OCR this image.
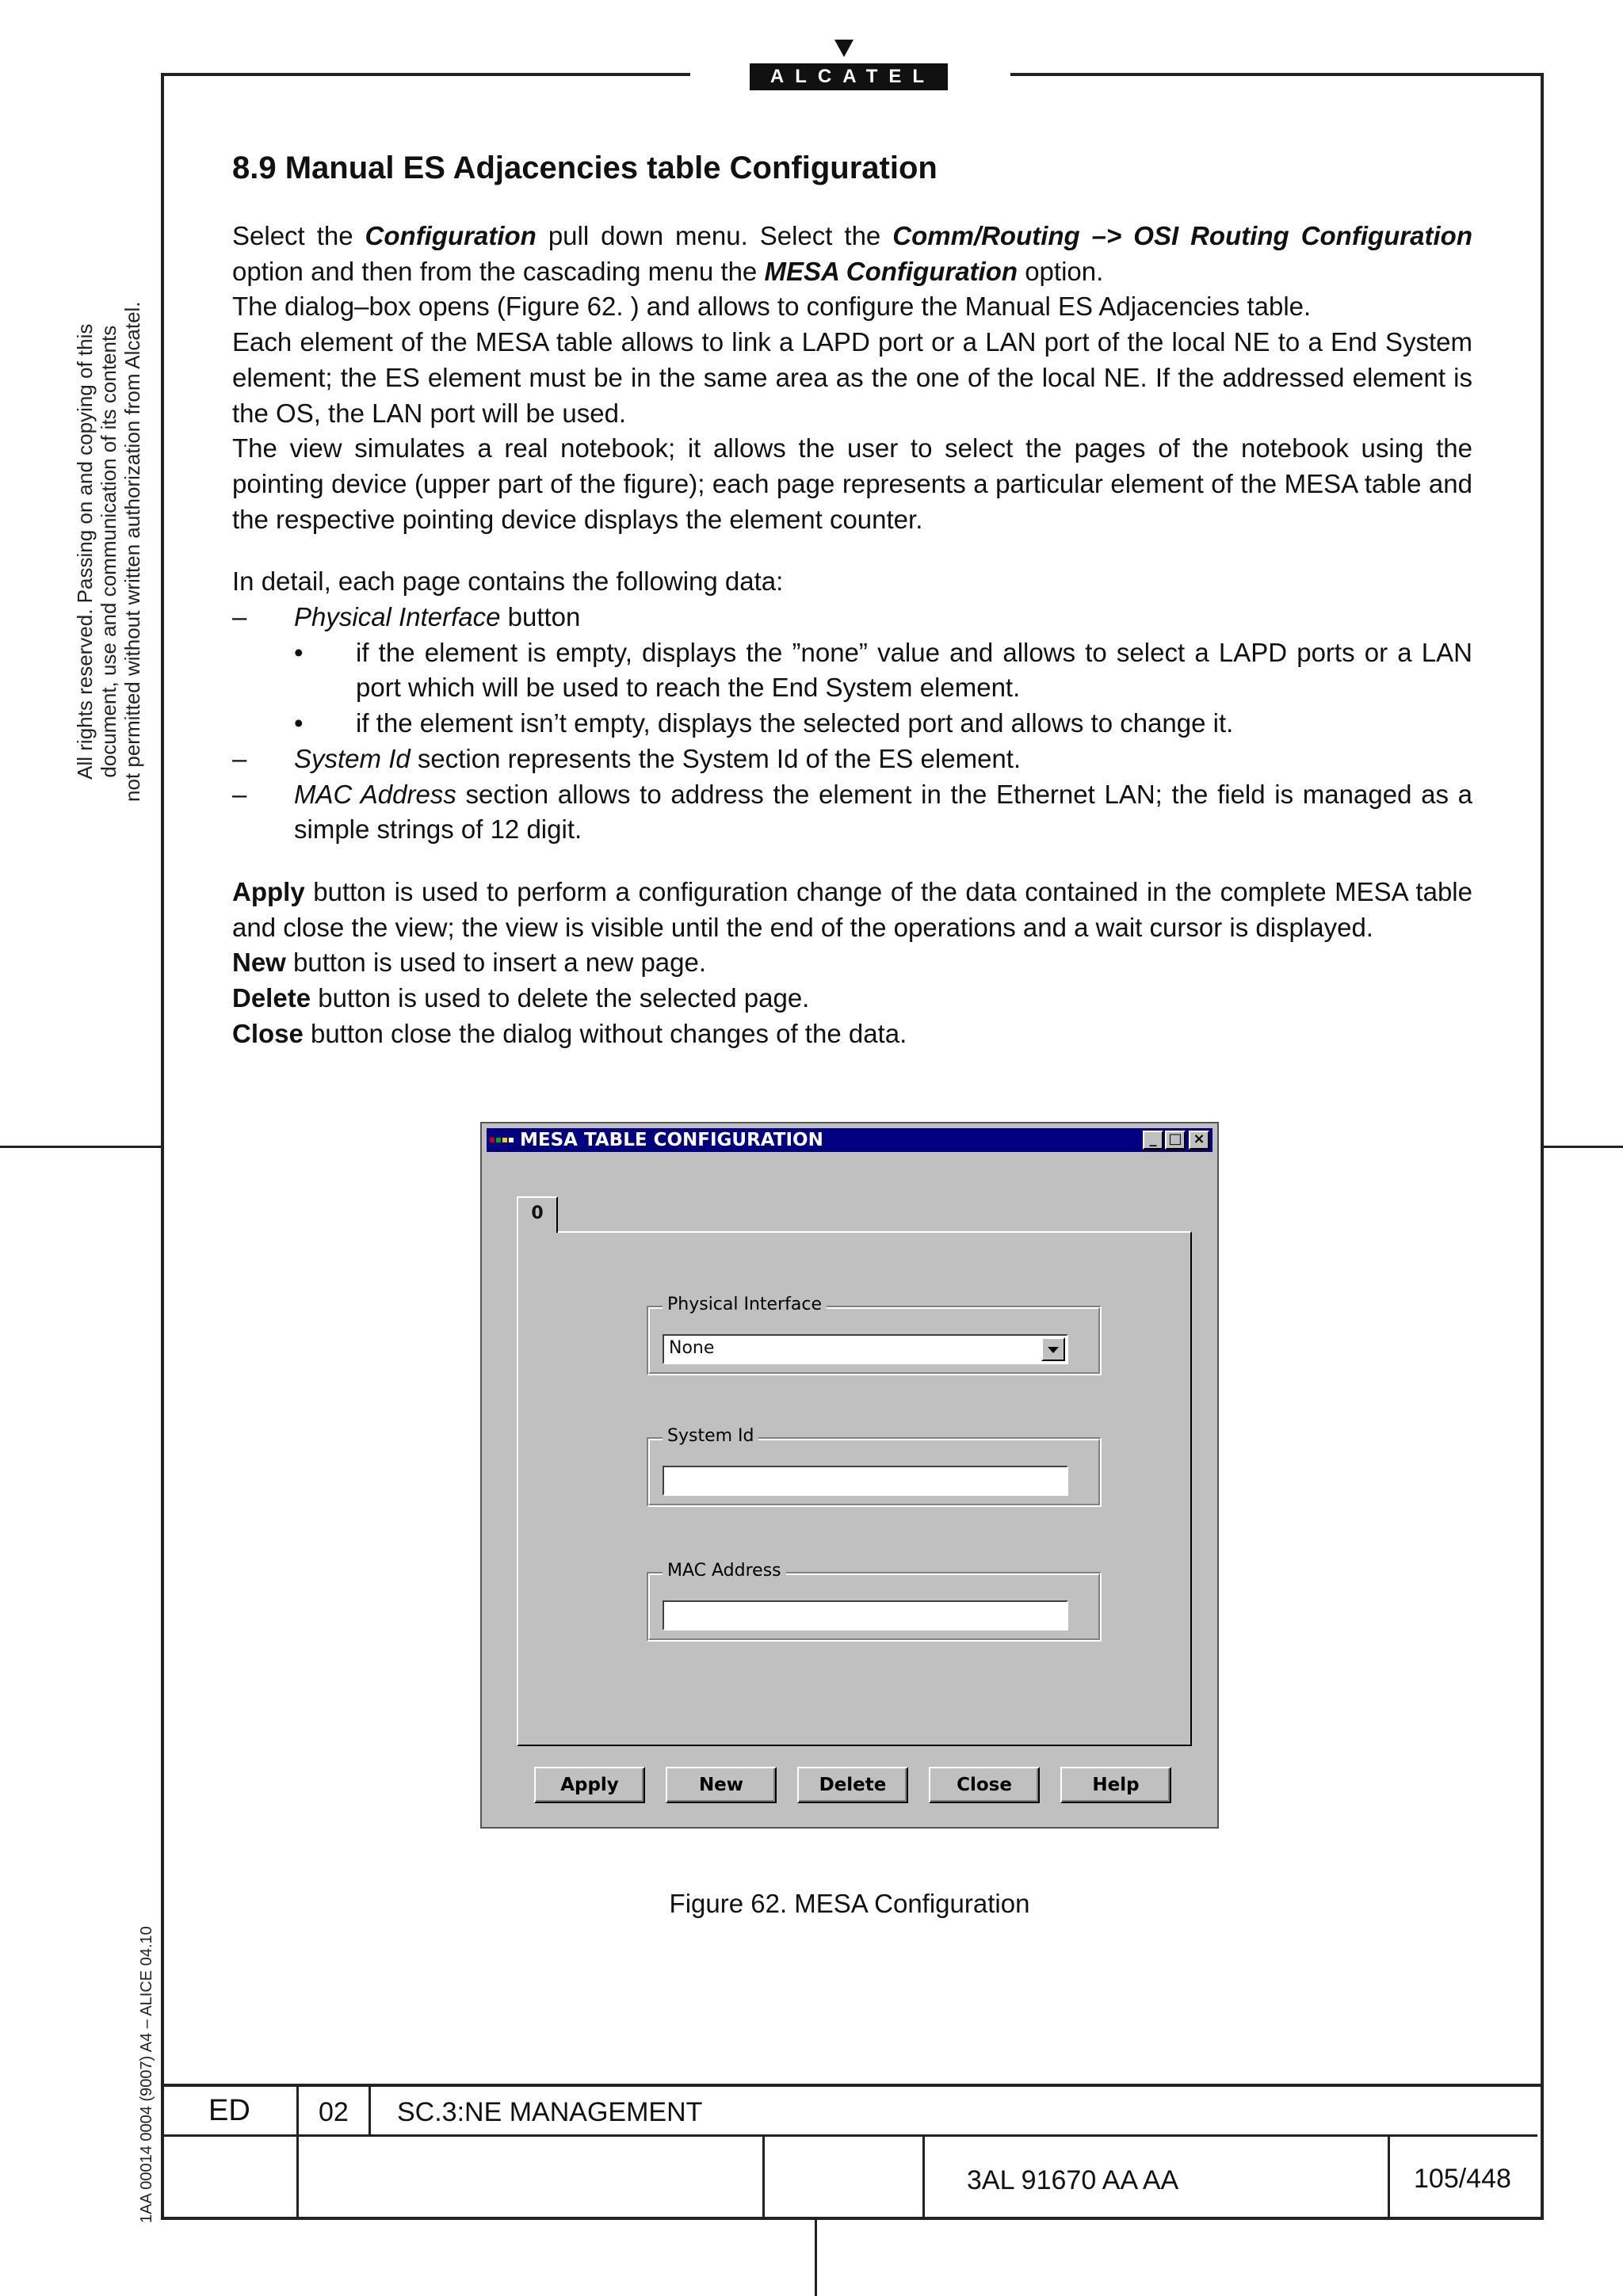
ALCATEL
All rights reserved. Passing on and copying of this document, use and communication of its contents not permitted without written authorization from Alcatel.
1AA 00014 0004 (9007) A4 – ALICE 04.10
8.9 Manual ES Adjacencies table Configuration

Select the Configuration pull down menu. Select the Comm/Routing –> OSI Routing Configuration option and then from the cascading menu the MESA Configuration option.

The dialog–box opens (Figure 62. ) and allows to configure the Manual ES Adjacencies table.

Each element of the MESA table allows to link a LAPD port or a LAN port of the local NE to a End System element; the ES element must be in the same area as the one of the local NE. If the addressed element is the OS, the LAN port will be used.

The view simulates a real notebook; it allows the user to select the pages of the notebook using the pointing device (upper part of the figure); each page represents a particular element of the MESA table and the respective pointing device displays the element counter.

In detail, each page contains the following data:

–	Physical Interface button
•	if the element is empty, displays the ”none” value and allows to select a LAPD ports or a LAN port which will be used to reach the End System element.
•	if the element isn’t empty, displays the selected port and allows to change it.
–	System Id section represents the System Id of the ES element.
–	MAC Address section allows to address the element in the Ethernet LAN; the field is managed as a simple strings of 12 digit.

Apply button is used to perform a configuration change of the data contained in the complete MESA table and close the view; the view is visible until the end of the operations and a wait cursor is displayed.

New button is used to insert a new page.

Delete button is used to delete the selected page.

Close button close the dialog without changes of the data.

MESA TABLE CONFIGURATION	_ □ ×
0
Physical Interface
None
System Id
MAC Address
Apply	New	Delete	Close	Help
Figure 62. MESA Configuration
ED	02 SC.3:NE MANAGEMENT
3AL 91670 AA AA	105/448
